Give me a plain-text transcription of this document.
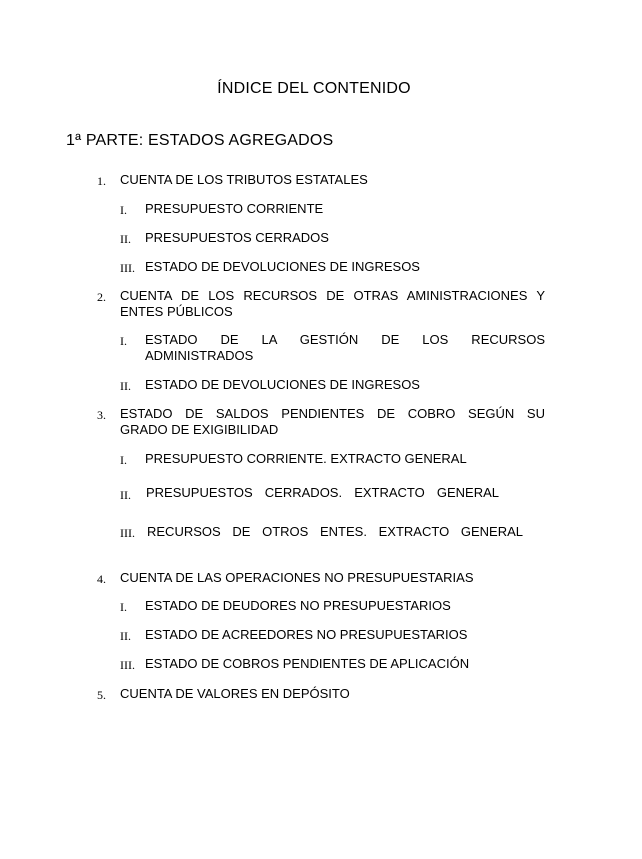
ÍNDICE DEL CONTENIDO
1ª PARTE: ESTADOS AGREGADOS
1. CUENTA DE LOS TRIBUTOS ESTATALES
I. PRESUPUESTO CORRIENTE
II. PRESUPUESTOS CERRADOS
III. ESTADO DE DEVOLUCIONES DE INGRESOS
2. CUENTA DE LOS RECURSOS DE OTRAS AMINISTRACIONES Y
ENTES PÚBLICOS
I. ESTADO DE LA GESTIÓN DE LOS RECURSOS
ADMINISTRADOS
II. ESTADO DE DEVOLUCIONES DE INGRESOS
3. ESTADO DE SALDOS PENDIENTES DE COBRO SEGÚN SU
GRADO DE EXIGIBILIDAD
I. PRESUPUESTO CORRIENTE. EXTRACTO GENERAL
II. PRESUPUESTOS CERRADOS. EXTRACTO GENERAL
III. RECURSOS DE OTROS ENTES. EXTRACTO GENERAL
4. CUENTA DE LAS OPERACIONES NO PRESUPUESTARIAS
I. ESTADO DE DEUDORES NO PRESUPUESTARIOS
II. ESTADO DE ACREEDORES NO PRESUPUESTARIOS
III. ESTADO DE COBROS PENDIENTES DE APLICACIÓN
5. CUENTA DE VALORES EN DEPÓSITO
